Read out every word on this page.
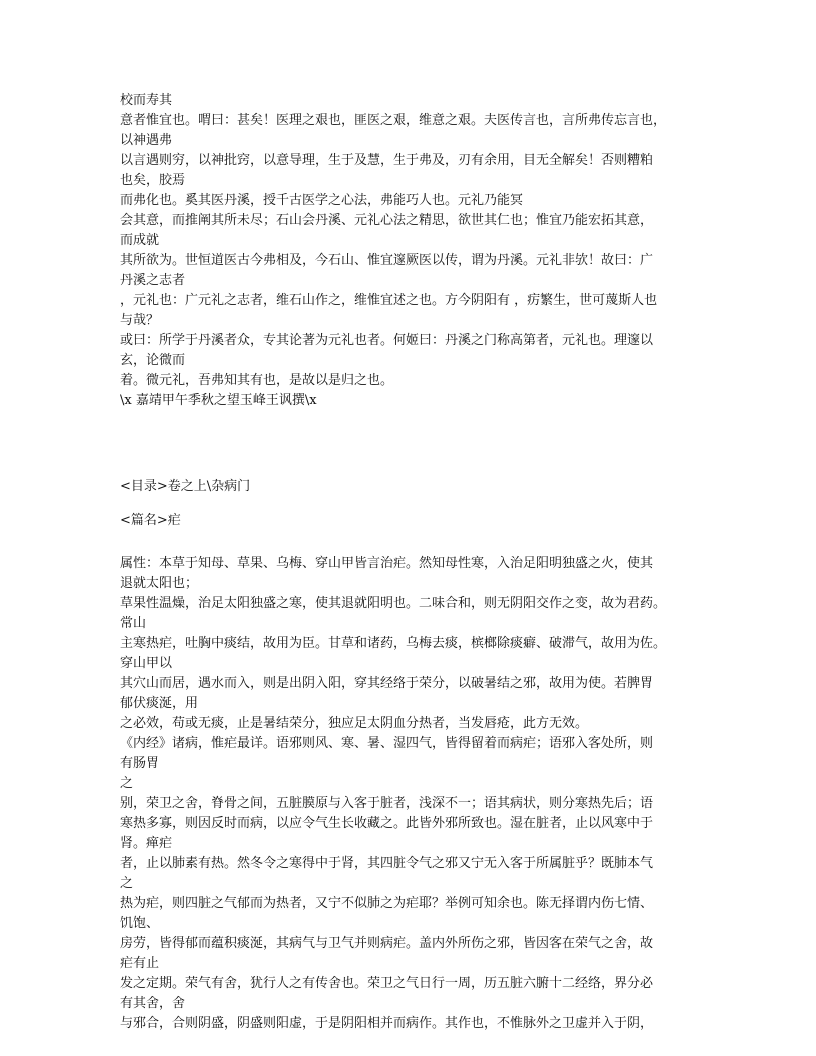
校而寿其
意者惟宜也。喟曰：甚矣！医理之艰也，匪医之艰，维意之艰。夫医传言也，言所弗传忘言也，
以神遇弗
以言遇则穷，以神批窍，以意导理，生于及慧，生于弗及，刃有余用，目无全解矣！否则糟粕
也矣，胶焉
而弗化也。奚其医丹溪，授千古医学之心法，弗能巧人也。元礼乃能冥
会其意，而推阐其所未尽；石山会丹溪、元礼心法之精思，欲世其仁也；惟宜乃能宏拓其意，
而成就
其所欲为。世恒道医古今弗相及，今石山、惟宜邃厥医以传，谓为丹溪。元礼非欤！故曰：广
丹溪之志者
，元礼也：广元礼之志者，维石山作之，维惟宜述之也。方今阴阳有 ，疠繁生，世可蔑斯人也
与哉？
或曰：所学于丹溪者众，专其论著为元礼也者。何姬曰：丹溪之门称高第者，元礼也。理邃以
玄，论微而
着。微元礼，吾弗知其有也，是故以是归之也。
\x 嘉靖甲午季秋之望玉峰王讽撰\x
<目录>卷之上\杂病门
<篇名>疟
属性：本草于知母、草果、乌梅、穿山甲皆言治疟。然知母性寒，入治足阳明独盛之火，使其
退就太阳也；
草果性温燥，治足太阳独盛之寒，使其退就阳明也。二味合和，则无阴阳交作之变，故为君药。
常山
主寒热疟，吐胸中痰结，故用为臣。甘草和诸药，乌梅去痰，槟榔除痰癖、破滞气，故用为佐。
穿山甲以
其穴山而居，遇水而入，则是出阴入阳，穿其经络于荣分，以破暑结之邪，故用为使。若脾胃
郁伏痰涎，用
之必效，苟或无痰，止是暑结荣分，独应足太阴血分热者，当发唇疮，此方无效。
《内经》诸病，惟疟最详。语邪则风、寒、暑、湿四气，皆得留着而病疟；语邪入客处所，则
有肠胃
之
别，荣卫之舍，脊骨之间，五脏膜原与入客于脏者，浅深不一；语其病状，则分寒热先后；语
寒热多寡，则因反时而病，以应令气生长收藏之。此皆外邪所致也。湿在脏者，止以风寒中于
肾。瘅疟
者，止以肺素有热。然冬令之寒得中于肾，其四脏令气之邪又宁无入客于所属脏乎？既肺本气
之
热为疟，则四脏之气郁而为热者，又宁不似肺之为疟耶？举例可知余也。陈无择谓内伤七情、
饥饱、
房劳，皆得郁而蕴积痰涎，其病气与卫气并则病疟。盖内外所伤之邪，皆因客在荣气之舍，故
疟有止
发之定期。荣气有舍，犹行人之有传舍也。荣卫之气日行一周，历五脏六腑十二经络，界分必
有其舍，舍
与邪合，合则阴盛，阴盛则阳虚，于是阴阳相并而病作。其作也，不惟脉外之卫虚并入于阴，
